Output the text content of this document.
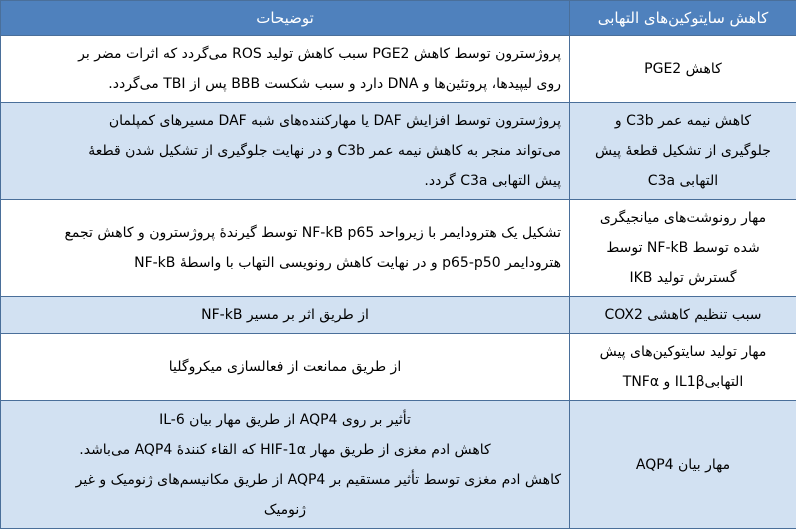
کاهش سایتوکین‌های التهابی	توضیحات

کاهش PGE2	پروژسترون توسط کاهش PGE2 سبب کاهش تولید ROS می‌گردد که اثرات مضر بر
روی لیپیدها، پروتئین‌ها و DNA دارد و سبب شکست BBB پس از TBI می‌گردد.

کاهش نیمه عمر C3b و
جلوگیری از تشکیل قطعهٔ پیش
التهابی C3a	پروژسترون توسط افزایش DAF یا مهارکننده‌های شبه DAF مسیرهای کمپلمان
می‌تواند منجر به کاهش نیمه عمر C3b و در نهایت جلوگیری از تشکیل شدن قطعهٔ
پیش التهابی C3a گردد.

مهار رونوشت‌های میانجیگری
شده توسط NF-kB توسط
گسترش تولید IKB	تشکیل یک هترودایمر با زیرواحد NF-kB p65 توسط گیرندهٔ پروژسترون و کاهش تجمع
هترودایمر p65-p50 و در نهایت کاهش رونویسی التهاب با واسطهٔ NF-kB

سبب تنظیم کاهشی COX2	از طریق اثر بر مسیر NF-kB

مهار تولید سایتوکین‌های پیش
التهابیIL1β و TNFα	از طریق ممانعت از فعالسازی میکروگلیا

مهار بیان AQP4	تأثیر بر روی AQP4 از طریق مهار بیان IL-6
کاهش ادم مغزی از طریق مهار HIF-1α که القاء کنندهٔ AQP4 می‌باشد.
کاهش ادم مغزی توسط تأثیر مستقیم بر AQP4 از طریق مکانیسم‌های ژنومیک و غیر
ژنومیک
